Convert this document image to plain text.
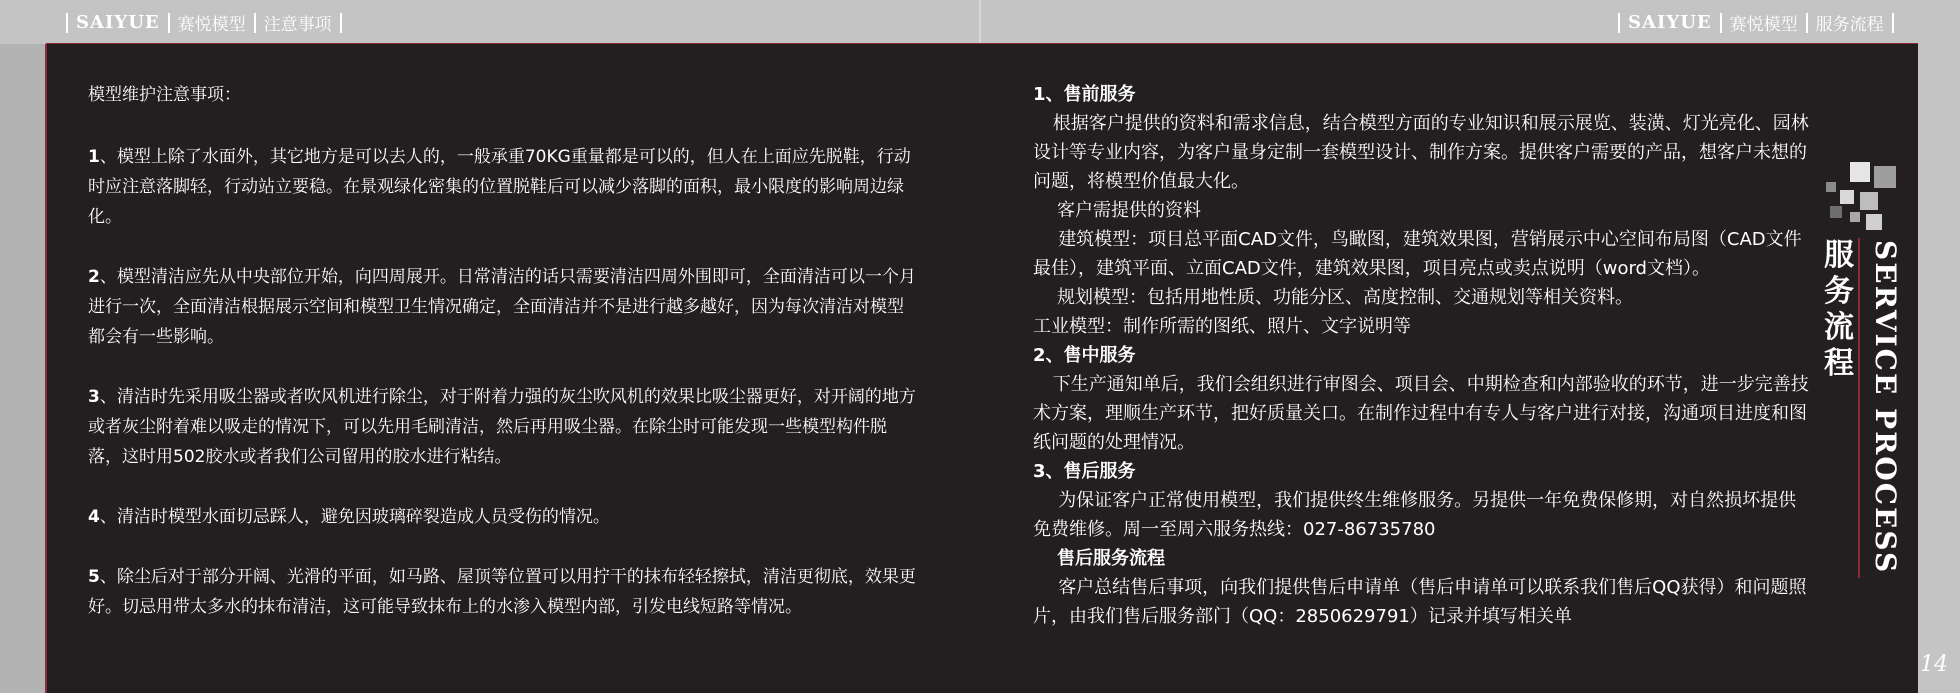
SAIYUE 赛悦模型 注意事项	SAIYUE 赛悦模型 服务流程

模型维护注意事项：

1、模型上除了水面外，其它地方是可以去人的，一般承重70KG重量都是可以的，但人在上面应先脱鞋，行动时应注意落脚轻，行动站立要稳。在景观绿化密集的位置脱鞋后可以减少落脚的面积，最小限度的影响周边绿化。

2、模型清洁应先从中央部位开始，向四周展开。日常清洁的话只需要清洁四周外围即可，全面清洁可以一个月进行一次，全面清洁根据展示空间和模型卫生情况确定，全面清洁并不是进行越多越好，因为每次清洁对模型都会有一些影响。

3、清洁时先采用吸尘器或者吹风机进行除尘，对于附着力强的灰尘吹风机的效果比吸尘器更好，对开阔的地方或者灰尘附着难以吸走的情况下，可以先用毛刷清洁，然后再用吸尘器。在除尘时可能发现一些模型构件脱落，这时用502胶水或者我们公司留用的胶水进行粘结。

4、清洁时模型水面切忌踩人，避免因玻璃碎裂造成人员受伤的情况。

5、除尘后对于部分开阔、光滑的平面，如马路、屋顶等位置可以用拧干的抹布轻轻擦拭，清洁更彻底，效果更好。切忌用带太多水的抹布清洁，这可能导致抹布上的水渗入模型内部，引发电线短路等情况。

1、售前服务

根据客户提供的资料和需求信息，结合模型方面的专业知识和展示展览、装潢、灯光亮化、园林设计等专业内容，为客户量身定制一套模型设计、制作方案。提供客户需要的产品，想客户未想的问题，将模型价值最大化。

客户需提供的资料

建筑模型：项目总平面CAD文件，鸟瞰图，建筑效果图，营销展示中心空间布局图（CAD文件最佳），建筑平面、立面CAD文件，建筑效果图，项目亮点或卖点说明（word文档）。

规划模型：包括用地性质、功能分区、高度控制、交通规划等相关资料。

工业模型：制作所需的图纸、照片、文字说明等

2、售中服务

下生产通知单后，我们会组织进行审图会、项目会、中期检查和内部验收的环节，进一步完善技术方案，理顺生产环节，把好质量关口。在制作过程中有专人与客户进行对接，沟通项目进度和图纸问题的处理情况。

3、售后服务

为保证客户正常使用模型，我们提供终生维修服务。另提供一年免费保修期，对自然损坏提供免费维修。周一至周六服务热线：027-86735780

售后服务流程

客户总结售后事项，向我们提供售后申请单（售后申请单可以联系我们售后QQ获得）和问题照片，由我们售后服务部门（QQ：2850629791）记录并填写相关单

服务流程 SERVICE PROCESS
14
